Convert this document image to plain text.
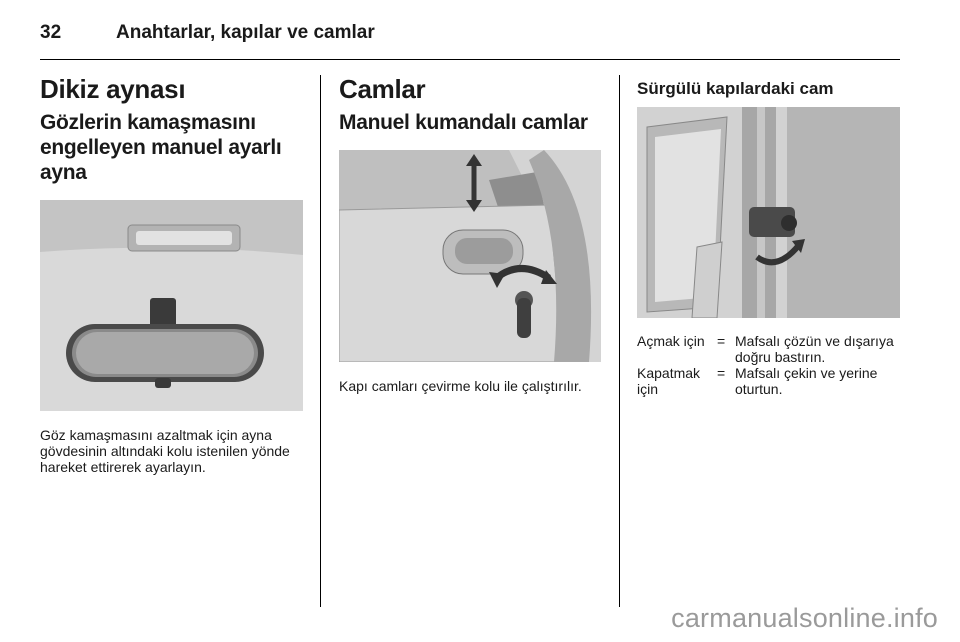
32	Anahtarlar, kapılar ve camlar
Dikiz aynası
Gözlerin kamaşmasını engelleyen manuel ayarlı ayna
Göz kamaşmasını azaltmak için ayna gövdesinin altındaki kolu istenilen yönde hareket ettirerek ayarlayın.
Camlar
Manuel kumandalı camlar
Kapı camları çevirme kolu ile çalıştırılır.
Sürgülü kapılardaki cam
Açmak için = Mafsalı çözün ve dışarıya doğru bastırın.
Kapatmak için
= Mafsalı çekin ve yerine oturtun.
carmanualsonline.info
